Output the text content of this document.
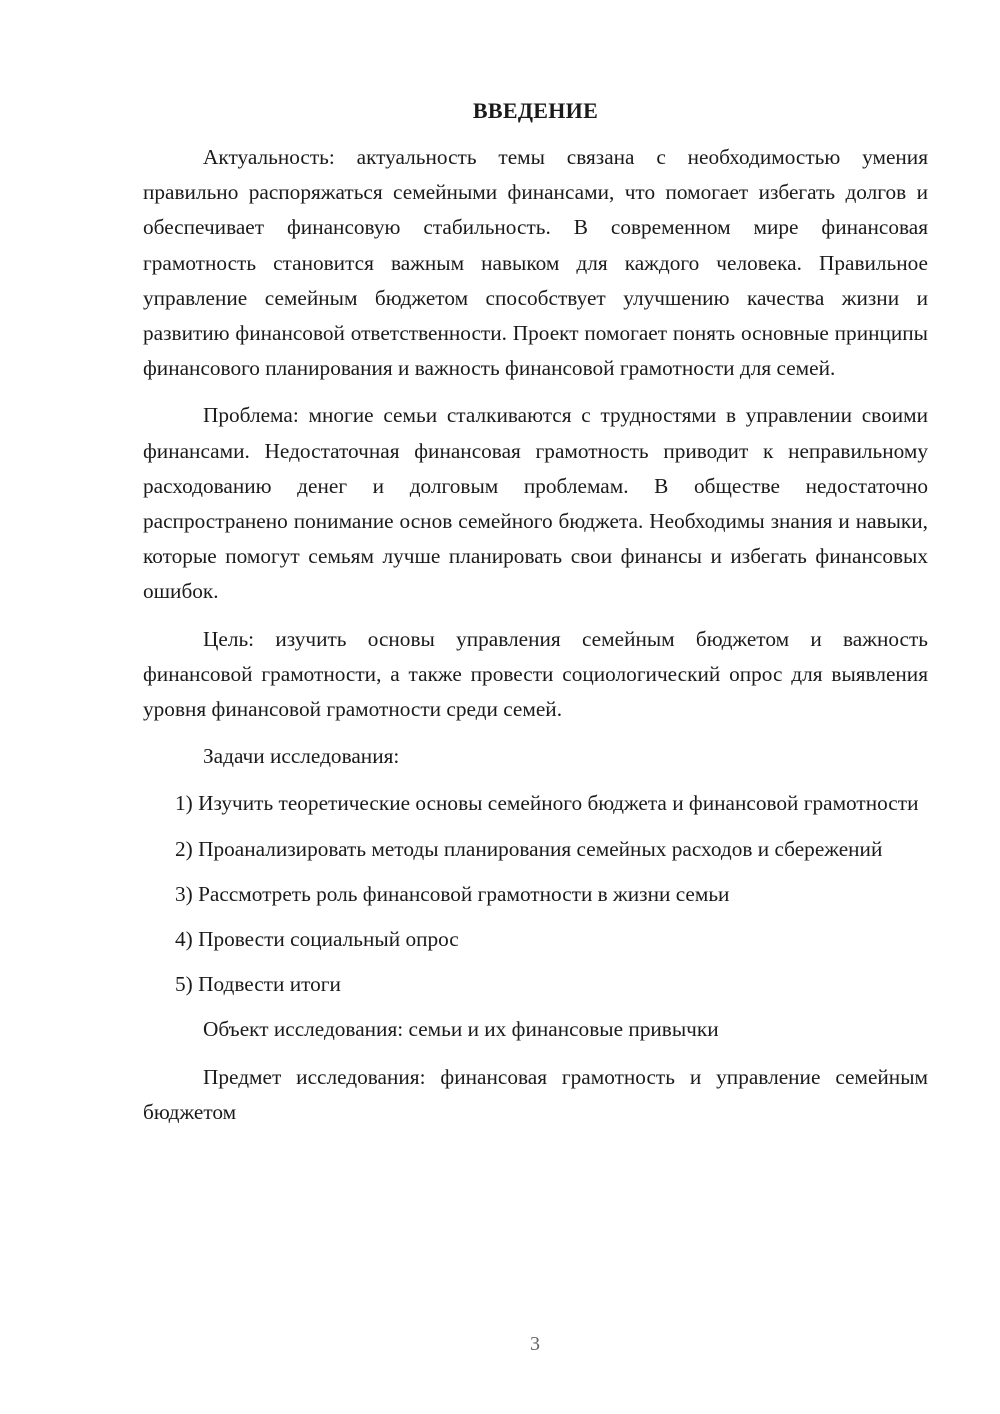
ВВЕДЕНИЕ

Актуальность: актуальность темы связана с необходимостью умения правильно распоряжаться семейными финансами, что помогает избегать долгов и обеспечивает финансовую стабильность. В современном мире финансовая грамотность становится важным навыком для каждого человека. Правильное управление семейным бюджетом способствует улучшению качества жизни и развитию финансовой ответственности. Проект помогает понять основные принципы финансового планирования и важность финансовой грамотности для семей.

Проблема: многие семьи сталкиваются с трудностями в управлении своими финансами. Недостаточная финансовая грамотность приводит к неправильному расходованию денег и долговым проблемам. В обществе недостаточно распространено понимание основ семейного бюджета. Необходимы знания и навыки, которые помогут семьям лучше планировать свои финансы и избегать финансовых ошибок.

Цель: изучить основы управления семейным бюджетом и важность финансовой грамотности, а также провести социологический опрос для выявления уровня финансовой грамотности среди семей.

Задачи исследования:

1) Изучить теоретические основы семейного бюджета и финансовой грамотности

2) Проанализировать методы планирования семейных расходов и сбережений

3) Рассмотреть роль финансовой грамотности в жизни семьи

4) Провести социальный опрос

5) Подвести итоги

Объект исследования: семьи и их финансовые привычки

Предмет исследования: финансовая грамотность и управление семейным бюджетом

3
